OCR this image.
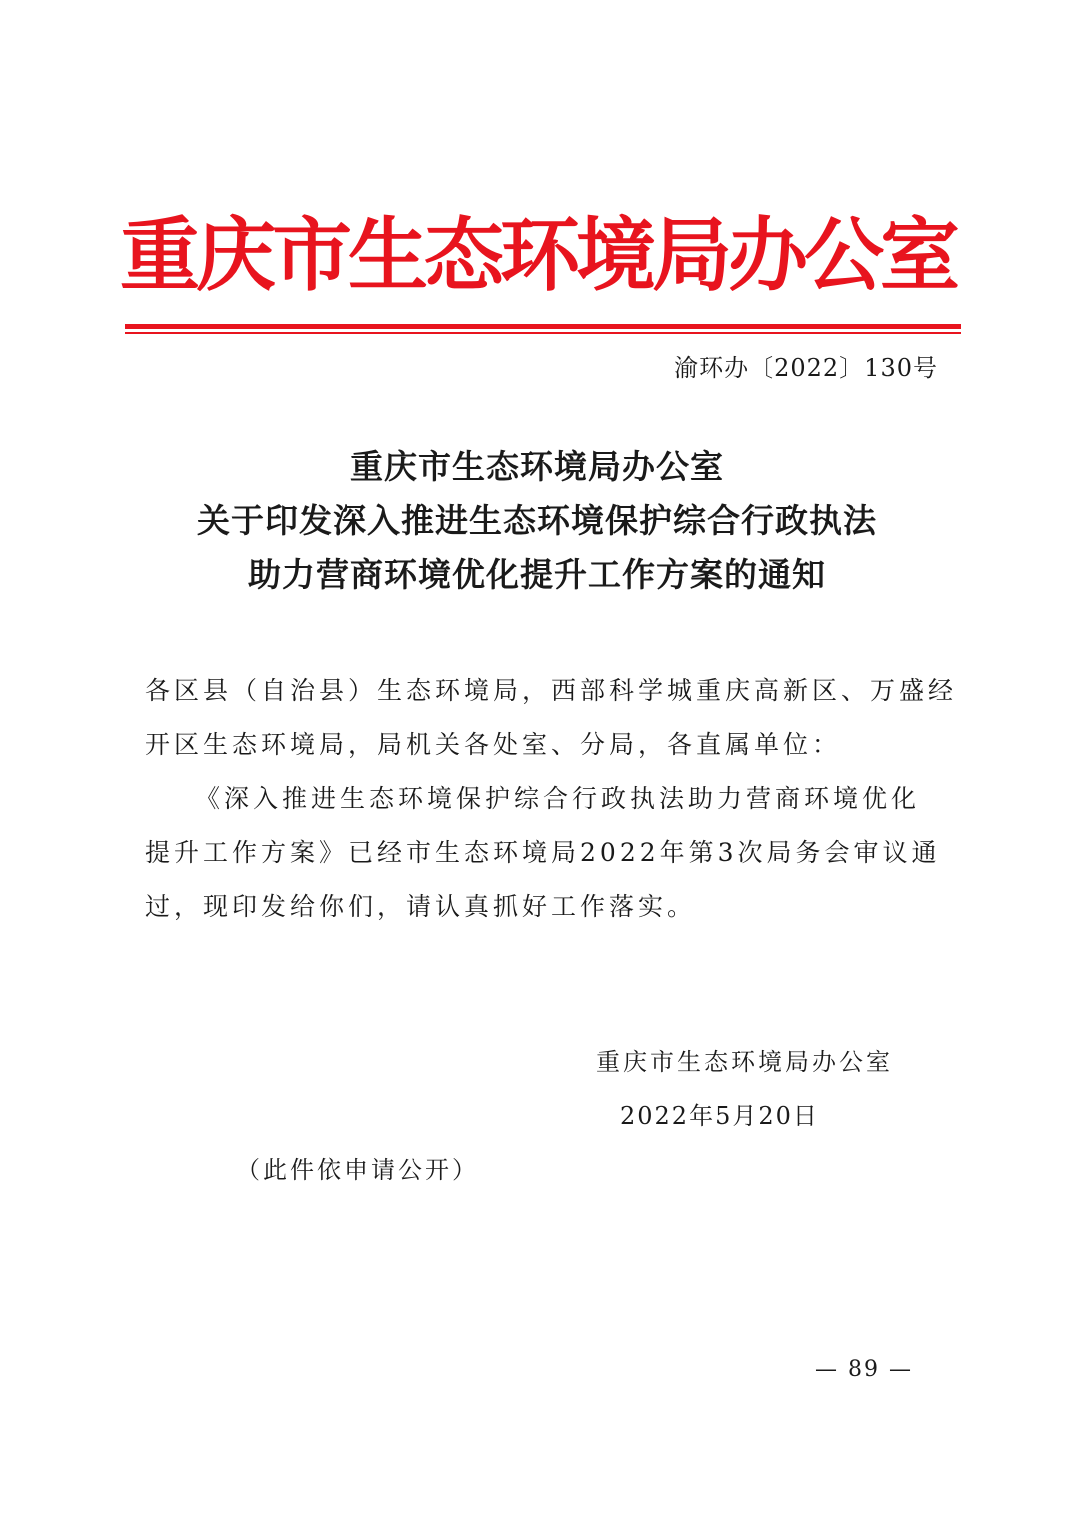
重庆市生态环境局办公室
渝环办〔2022〕130号
重庆市生态环境局办公室
关于印发深入推进生态环境保护综合行政执法
助力营商环境优化提升工作方案的通知
各区县（自治县）生态环境局，西部科学城重庆高新区、万盛经
开区生态环境局，局机关各处室、分局，各直属单位：
《深入推进生态环境保护综合行政执法助力营商环境优化
提升工作方案》已经市生态环境局2022年第3次局务会审议通
过，现印发给你们，请认真抓好工作落实。
重庆市生态环境局办公室
2022年5月20日
（此件依申请公开）
— 89 —
